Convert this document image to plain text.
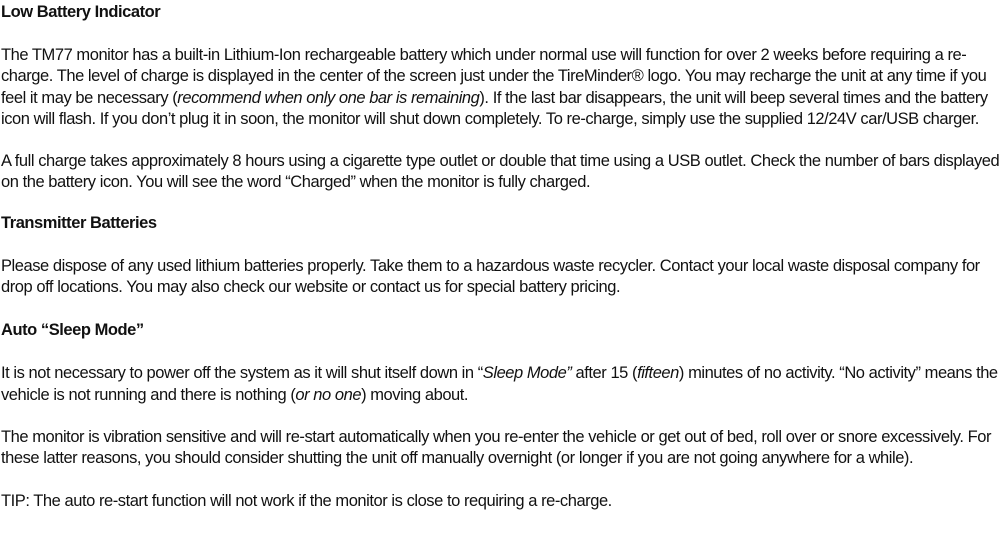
Low Battery Indicator

The TM77 monitor has a built-in Lithium-Ion rechargeable battery which under normal use will function for over 2 weeks before requiring a re-charge. The level of charge is displayed in the center of the screen just under the TireMinder® logo. You may recharge the unit at any time if you feel it may be necessary (recommend when only one bar is remaining). If the last bar disappears, the unit will beep several times and the battery icon will flash. If you don’t plug it in soon, the monitor will shut down completely. To re-charge, simply use the supplied 12/24V car/USB charger.

A full charge takes approximately 8 hours using a cigarette type outlet or double that time using a USB outlet. Check the number of bars displayed on the battery icon. You will see the word “Charged” when the monitor is fully charged.

Transmitter Batteries

Please dispose of any used lithium batteries properly. Take them to a hazardous waste recycler. Contact your local waste disposal company for drop off locations. You may also check our website or contact us for special battery pricing.

Auto “Sleep Mode”

It is not necessary to power off the system as it will shut itself down in “Sleep Mode” after 15 (fifteen) minutes of no activity. “No activity” means the vehicle is not running and there is nothing (or no one) moving about.

The monitor is vibration sensitive and will re-start automatically when you re-enter the vehicle or get out of bed, roll over or snore excessively. For these latter reasons, you should consider shutting the unit off manually overnight (or longer if you are not going anywhere for a while).

TIP: The auto re-start function will not work if the monitor is close to requiring a re-charge.
